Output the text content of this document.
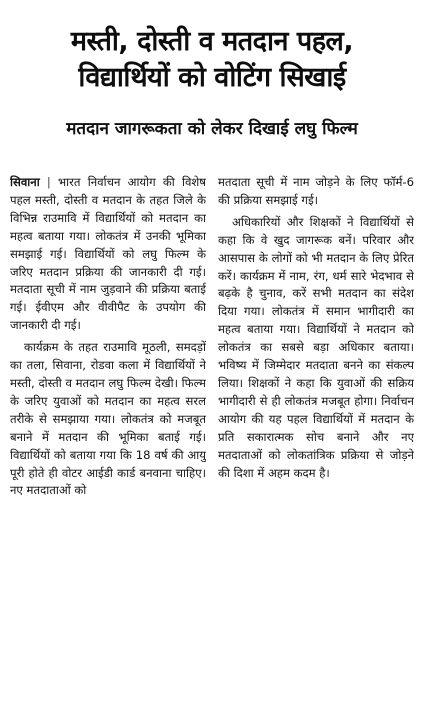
मस्ती, दोस्ती व मतदान पहल,
विद्यार्थियों को वोटिंग सिखाई
मतदान जागरूकता को लेकर दिखाई लघु फिल्म

सिवाना | भारत निर्वाचन आयोग की विशेष पहल मस्ती, दोस्ती व मतदान के तहत जिले के विभिन्न राउमावि में विद्यार्थियों को मतदान का महत्व बताया गया। लोकतंत्र में उनकी भूमिका समझाई गई। विद्यार्थियों को लघु फिल्म के जरिए मतदान प्रक्रिया की जानकारी दी गई। मतदाता सूची में नाम जुड़वाने की प्रक्रिया बताई गई। ईवीएम और वीवीपैट के उपयोग की जानकारी दी गई।

कार्यक्रम के तहत राउमावि मूठली, समदड़ों का तला, सिवाना, रोडवा कला में विद्यार्थियों ने मस्ती, दोस्ती व मतदान लघु फिल्म देखी। फिल्म के जरिए युवाओं को मतदान का महत्व सरल तरीके से समझाया गया। लोकतंत्र को मजबूत बनाने में मतदान की भूमिका बताई गई। विद्यार्थियों को बताया गया कि 18 वर्ष की आयु पूरी होते ही वोटर आईडी कार्ड बनवाना चाहिए। नए मतदाताओं को

मतदाता सूची में नाम जोड़ने के लिए फॉर्म-6 की प्रक्रिया समझाई गई।

अधिकारियों और शिक्षकों ने विद्यार्थियों से कहा कि वे खुद जागरूक बनें। परिवार और आसपास के लोगों को भी मतदान के लिए प्रेरित करें। कार्यक्रम में नाम, रंग, धर्म सारे भेदभाव से बढ़के है चुनाव, करें सभी मतदान का संदेश दिया गया। लोकतंत्र में समान भागीदारी का महत्व बताया गया। विद्यार्थियों ने मतदान को लोकतंत्र का सबसे बड़ा अधिकार बताया। भविष्य में जिम्मेदार मतदाता बनने का संकल्प लिया। शिक्षकों ने कहा कि युवाओं की सक्रिय भागीदारी से ही लोकतंत्र मजबूत होगा। निर्वाचन आयोग की यह पहल विद्यार्थियों में मतदान के प्रति सकारात्मक सोच बनाने और नए मतदाताओं को लोकतांत्रिक प्रक्रिया से जोड़ने की दिशा में अहम कदम है।
